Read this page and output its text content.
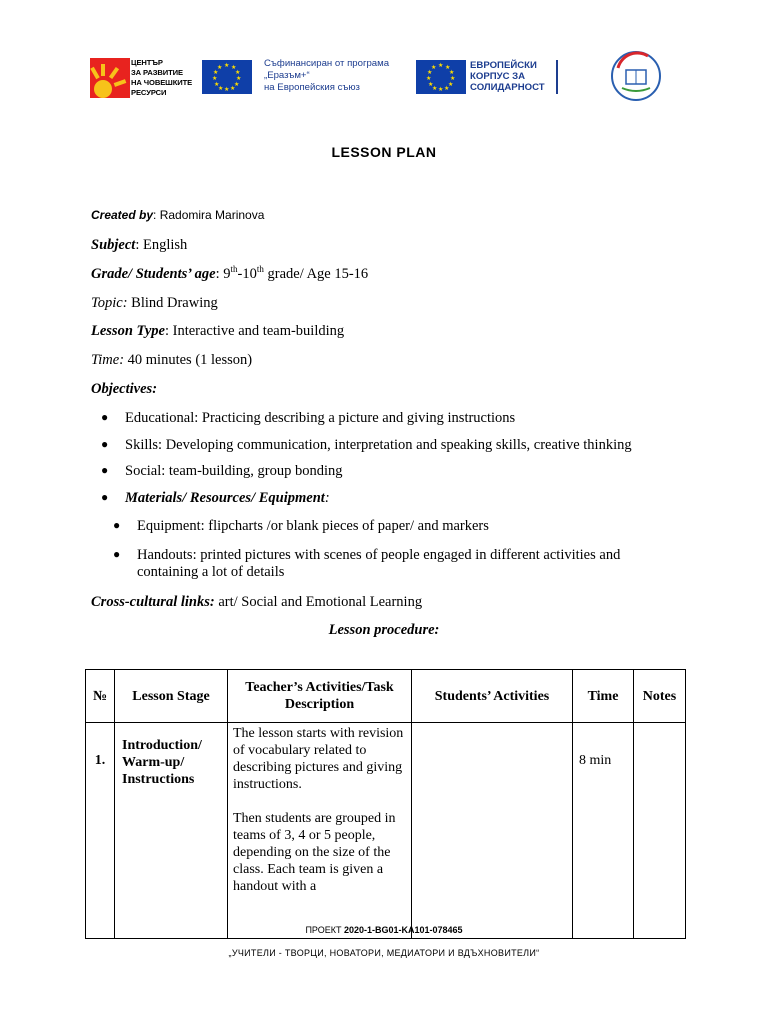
ЦЕНТЪР
ЗА РАЗВИТИЕ
НА ЧОВЕШКИТЕ
РЕСУРСИ
★ ★
★
★
★
★
★
★
★
★
★
★	Съфинансиран от програма
„Еразъм+“
на Европейския съюз
★ ★
★
★
★
★
★
★
★
★
★
★	ЕВРОПЕЙСКИ
КОРПУС ЗА
СОЛИДАРНОСТ
LESSON PLAN
Created by: Radomira Marinova
Subject: English
Grade/ Students’ age: 9th-10th grade/ Age 15-16
Topic: Blind Drawing
Lesson Type: Interactive and team-building
Time: 40 minutes (1 lesson)
Objectives:
● Educational: Practicing describing a picture and giving instructions
● Skills: Developing communication, interpretation and speaking skills, creative thinking
● Social: team-building, group bonding
● Materials/ Resources/ Equipment:
● Equipment: flipcharts /or blank pieces of paper/ and markers
● Handouts: printed pictures with scenes of people engaged in different activities and containing a lot of details
Cross-cultural links: art/ Social and Emotional Learning
Lesson procedure:
№	Lesson Stage	Teacher’s Activities/Task Description	Students’ Activities	Time	Notes
1.	Introduction/ Warm-up/ Instructions	The lesson starts with revision of vocabulary related to describing pictures and giving instructions.

Then students are grouped in teams of 3, 4 or 5 people, depending on the size of the class. Each team is given a handout with a		8 min	
ПРОЕКТ 2020-1-BG01-KA101-078465
„УЧИТЕЛИ - ТВОРЦИ, НОВАТОРИ, МЕДИАТОРИ И ВДЪХНОВИТЕЛИ“
